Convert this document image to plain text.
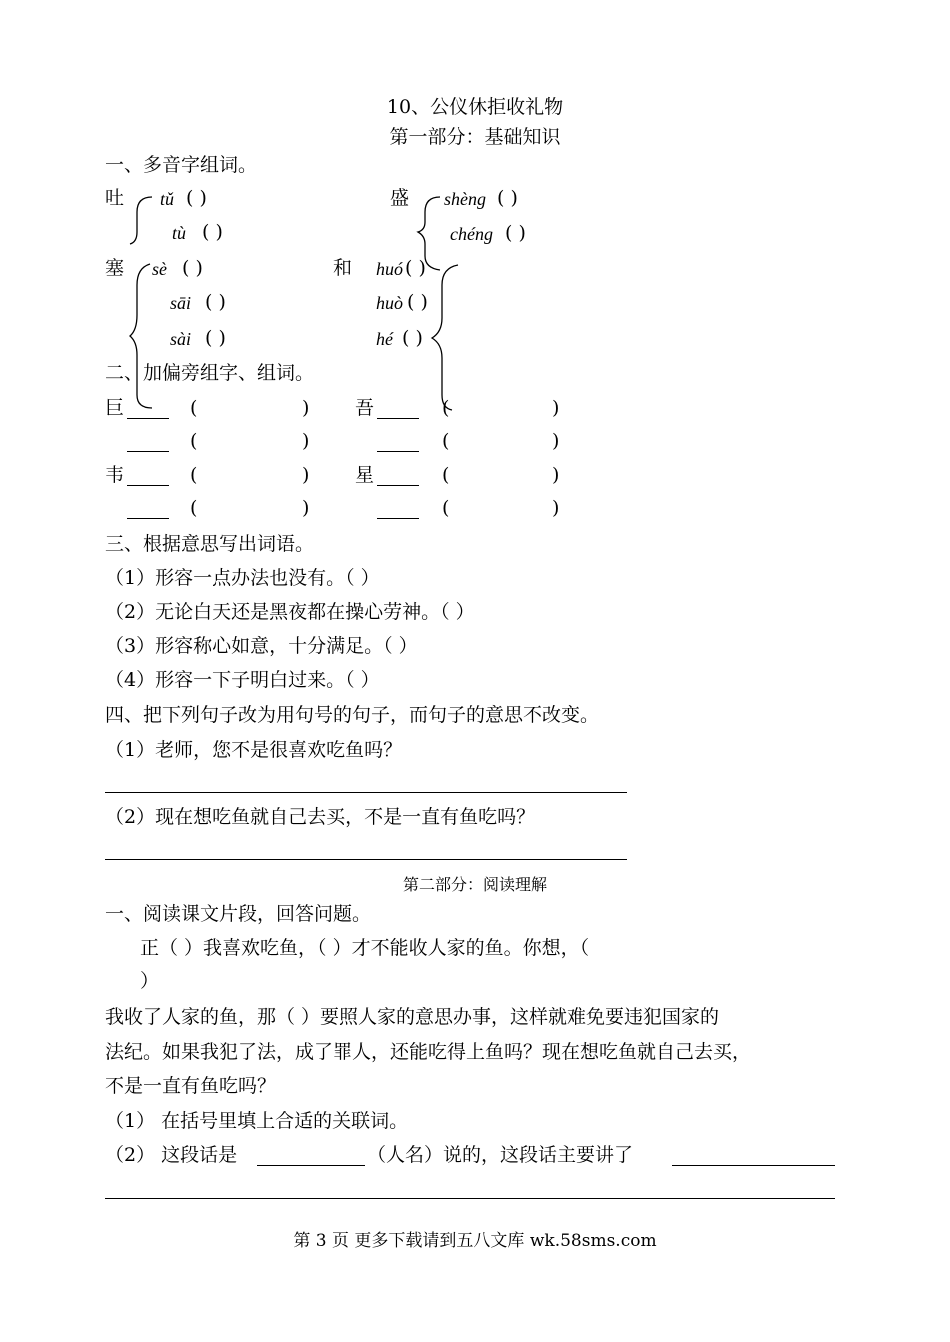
10、公仪休拒收礼物
第一部分：基础知识
一、多音字组词。
吐 tǔ ( )
tù ( )
塞 sè ( )
sāi ( )
sài ( )
盛 shèng ( )
chéng ( )
和 huó ( )
huò ( )
hé ( )
二、加偏旁组字、组词。
巨	(	) 吾	(	)
(	)	(	)
韦	(	) 星	(	)
(	)	(	)
三、根据意思写出词语。
（1）形容一点办法也没有。（ ）
（2）无论白天还是黑夜都在操心劳神。（ ）
（3）形容称心如意，十分满足。（ ）
（4）形容一下子明白过来。（ ）
四、把下列句子改为用句号的句子，而句子的意思不改变。
（1）老师，您不是很喜欢吃鱼吗？
（2）现在想吃鱼就自己去买，不是一直有鱼吃吗？
第二部分：阅读理解
一、阅读课文片段，回答问题。
正（ ）我喜欢吃鱼，（ ）才不能收人家的鱼。你想，（
）
我收了人家的鱼，那（ ）要照人家的意思办事，这样就难免要违犯国家的
法纪。如果我犯了法，成了罪人，还能吃得上鱼吗？现在想吃鱼就自己去买，
不是一直有鱼吃吗？
（1） 在括号里填上合适的关联词。
（2） 这段话是	（人名）说的，这段话主要讲了
第 3 页 更多下载请到五八文库 wk.58sms.com
